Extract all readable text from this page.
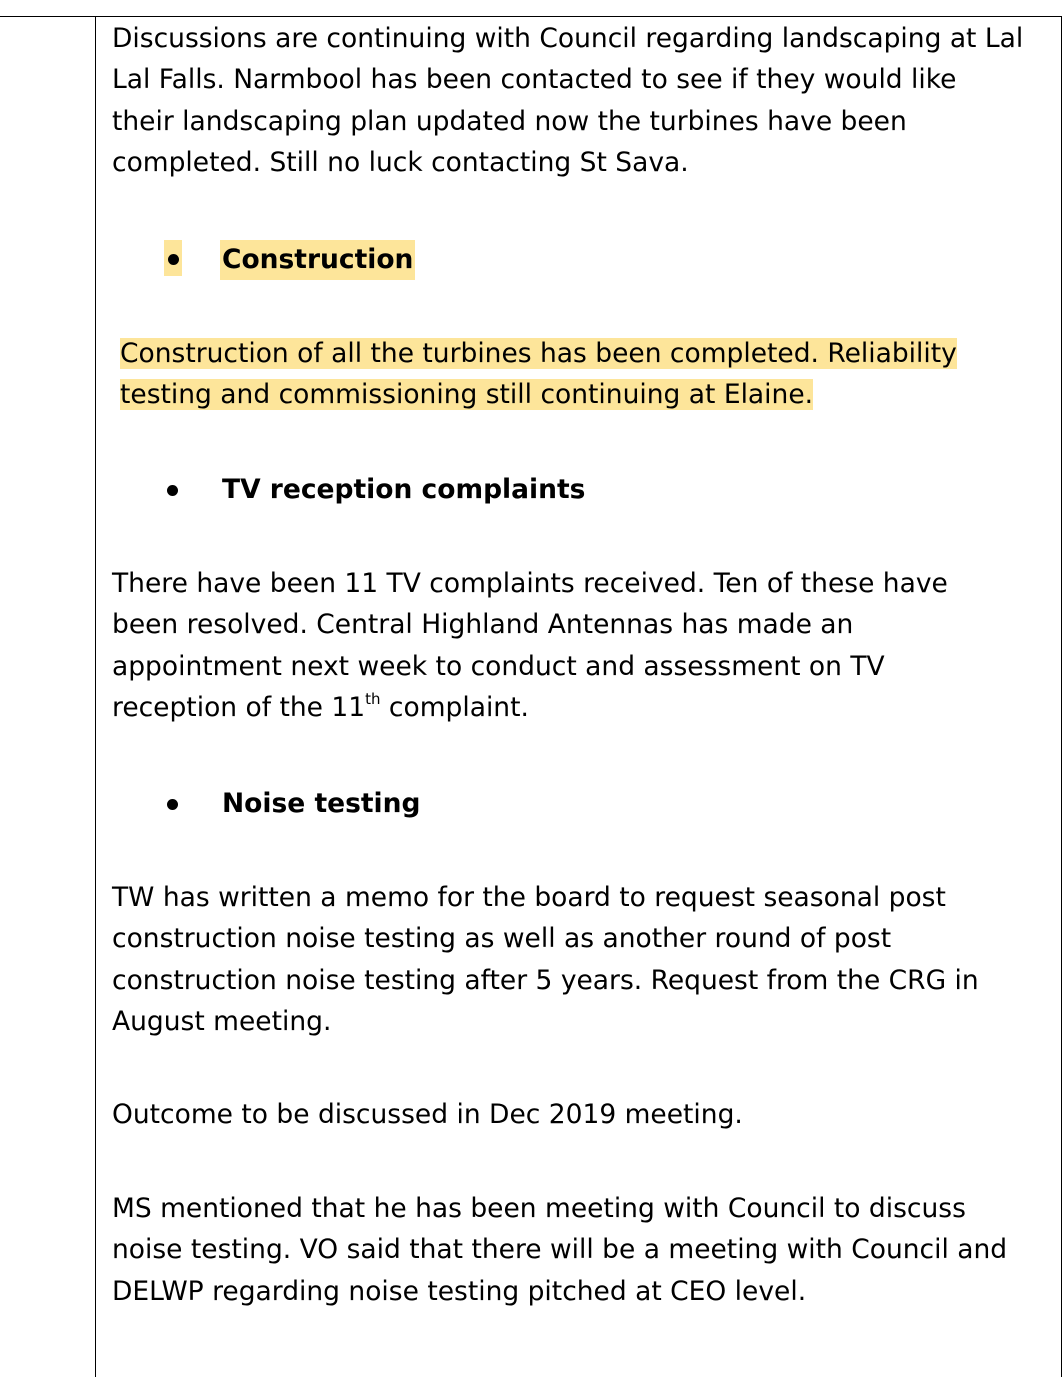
Discussions are continuing with Council regarding landscaping at Lal
Lal Falls. Narmbool has been contacted to see if they would like
their landscaping plan updated now the turbines have been
completed. Still no luck contacting St Sava.

Construction

Construction of all the turbines has been completed. Reliability
testing and commissioning still continuing at Elaine.

TV reception complaints

There have been 11 TV complaints received. Ten of these have
been resolved. Central Highland Antennas has made an
appointment next week to conduct and assessment on TV
reception of the 11th complaint.

Noise testing

TW has written a memo for the board to request seasonal post
construction noise testing as well as another round of post
construction noise testing after 5 years. Request from the CRG in
August meeting.

Outcome to be discussed in Dec 2019 meeting.

MS mentioned that he has been meeting with Council to discuss
noise testing. VO said that there will be a meeting with Council and
DELWP regarding noise testing pitched at CEO level.
